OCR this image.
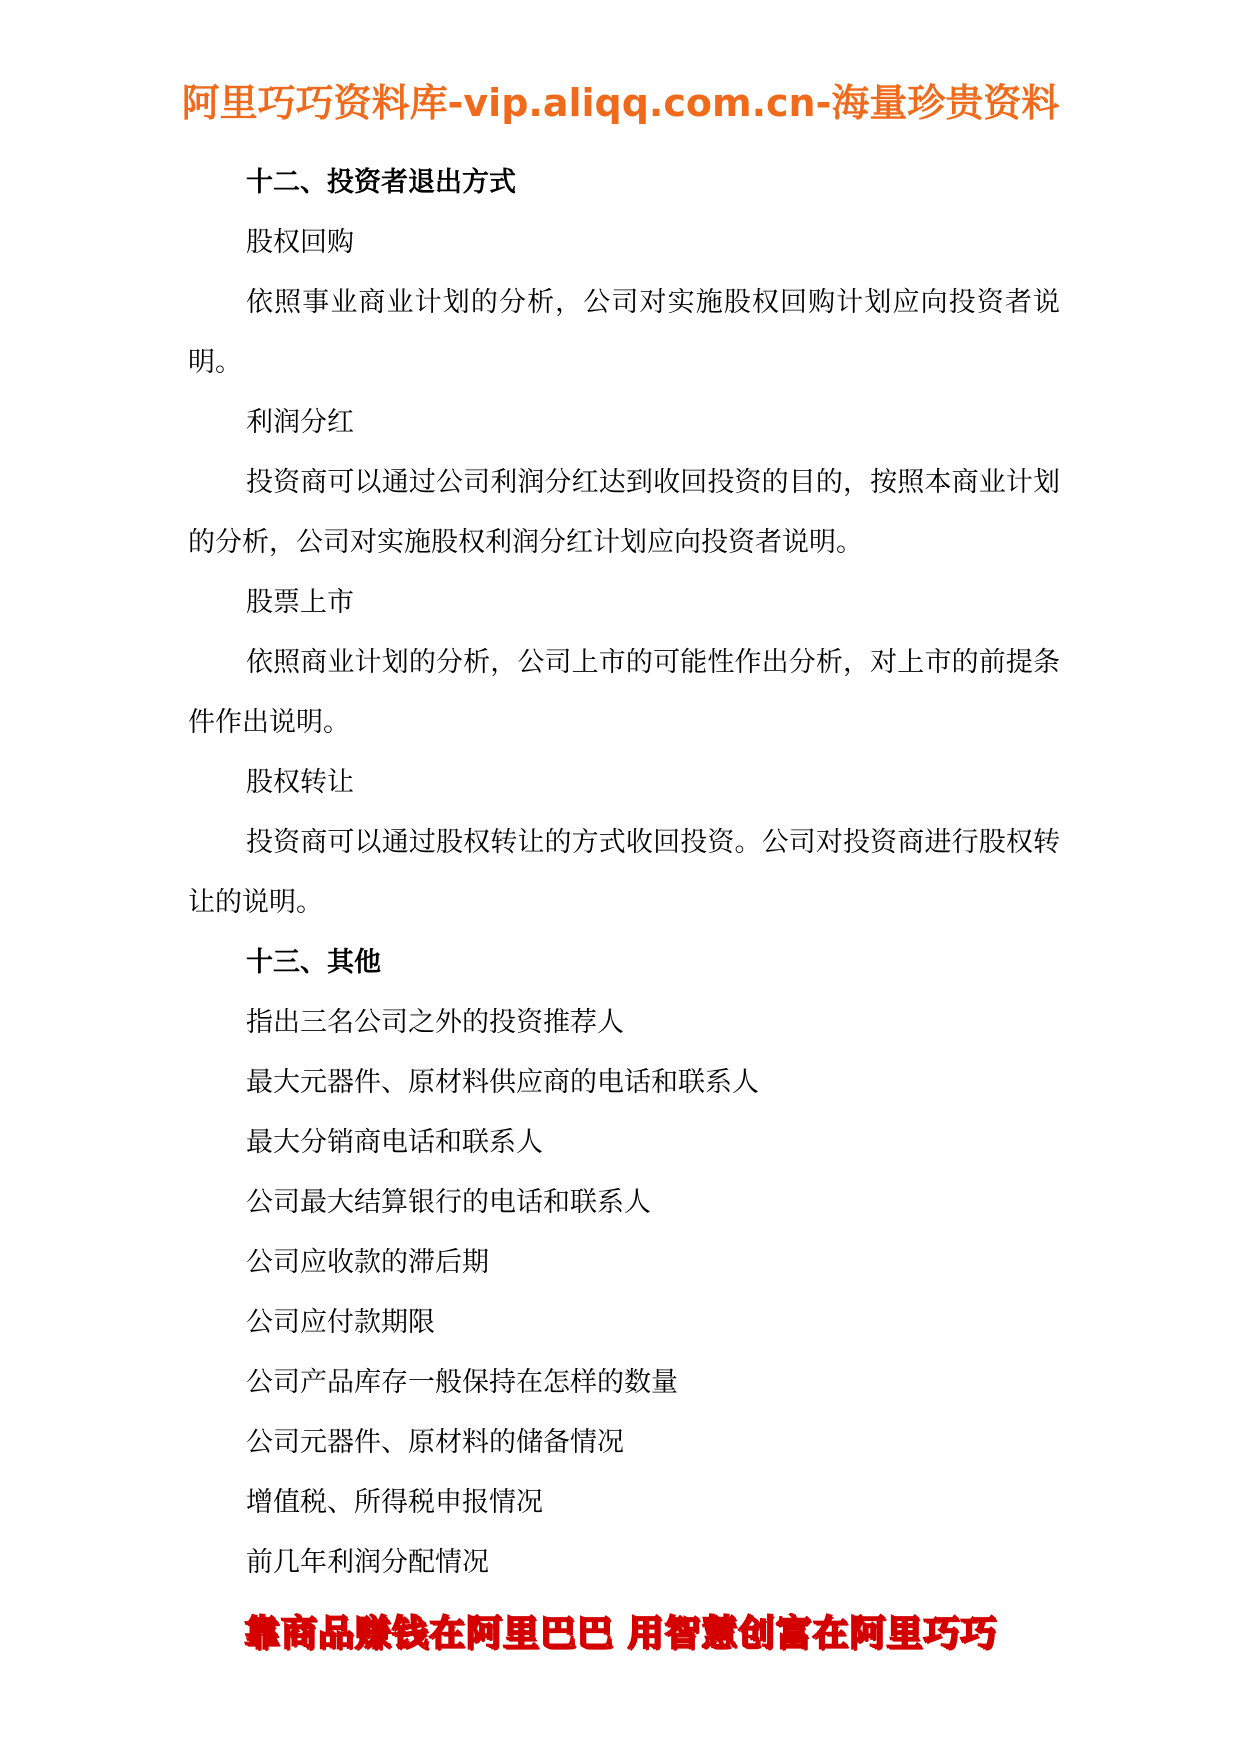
阿里巧巧资料库-vip.aliqq.com.cn-海量珍贵资料
十二、投资者退出方式
股权回购

依照事业商业计划的分析，公司对实施股权回购计划应向投资者说明。

利润分红

投资商可以通过公司利润分红达到收回投资的目的，按照本商业计划的分析，公司对实施股权利润分红计划应向投资者说明。

股票上市

依照商业计划的分析，公司上市的可能性作出分析，对上市的前提条件作出说明。

股权转让

投资商可以通过股权转让的方式收回投资。公司对投资商进行股权转让的说明。

十三、其他
指出三名公司之外的投资推荐人
最大元器件、原材料供应商的电话和联系人
最大分销商电话和联系人
公司最大结算银行的电话和联系人
公司应收款的滞后期
公司应付款期限
公司产品库存一般保持在怎样的数量
公司元器件、原材料的储备情况
增值税、所得税申报情况
前几年利润分配情况
靠商品赚钱在阿里巴巴 用智慧创富在阿里巧巧
